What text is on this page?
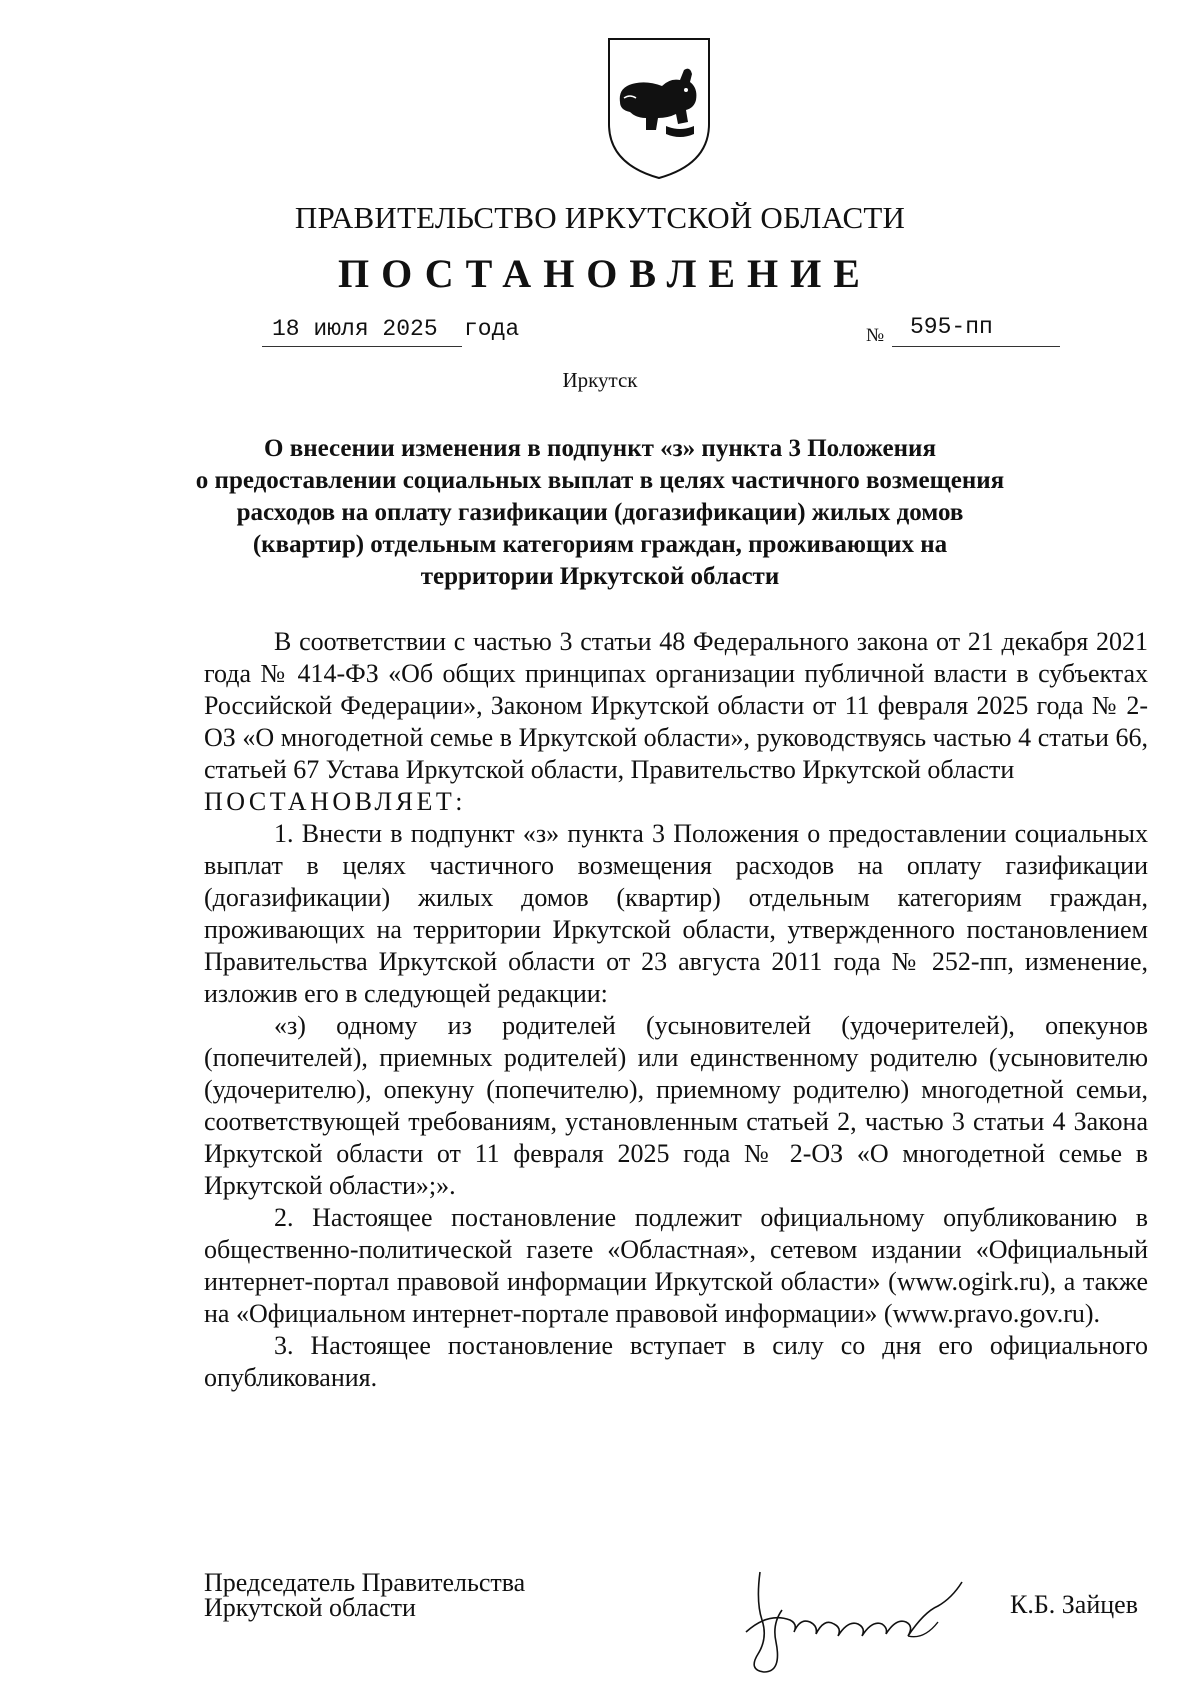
ПРАВИТЕЛЬСТВО ИРКУТСКОЙ ОБЛАСТИ
ПОСТАНОВЛЕНИЕ
18 июля 2025 года	№ 595-пп
Иркутск
О внесении изменения в подпункт «з» пункта 3 Положения
о предоставлении социальных выплат в целях частичного возмещения
расходов на оплату газификации (догазификации) жилых домов
(квартир) отдельным категориям граждан, проживающих на
территории Иркутской области

В соответствии с частью 3 статьи 48 Федерального закона от 21 декабря 2021 года № 414-ФЗ «Об общих принципах организации публичной власти в субъектах Российской Федерации», Законом Иркутской области от 11 февраля 2025 года № 2-ОЗ «О многодетной семье в Иркутской области», руководствуясь частью 4 статьи 66, статьей 67 Устава Иркутской области, Правительство Иркутской области

ПОСТАНОВЛЯЕТ:

1. Внести в подпункт «з» пункта 3 Положения о предоставлении социальных выплат в целях частичного возмещения расходов на оплату газификации (догазификации) жилых домов (квартир) отдельным категориям граждан, проживающих на территории Иркутской области, утвержденного постановлением Правительства Иркутской области от 23 августа 2011 года № 252-пп, изменение, изложив его в следующей редакции:

«з) одному из родителей (усыновителей (удочерителей), опекунов (попечителей), приемных родителей) или единственному родителю (усыновителю (удочерителю), опекуну (попечителю), приемному родителю) многодетной семьи, соответствующей требованиям, установленным статьей 2, частью 3 статьи 4 Закона Иркутской области от 11 февраля 2025 года № 2-ОЗ «О многодетной семье в Иркутской области»;».

2. Настоящее постановление подлежит официальному опубликованию в общественно-политической газете «Областная», сетевом издании «Официальный интернет-портал правовой информации Иркутской области» (www.ogirk.ru), а также на «Официальном интернет-портале правовой информации» (www.pravo.gov.ru).

3. Настоящее постановление вступает в силу со дня его официального опубликования.

Председатель Правительства
Иркутской области	К.Б. Зайцев
